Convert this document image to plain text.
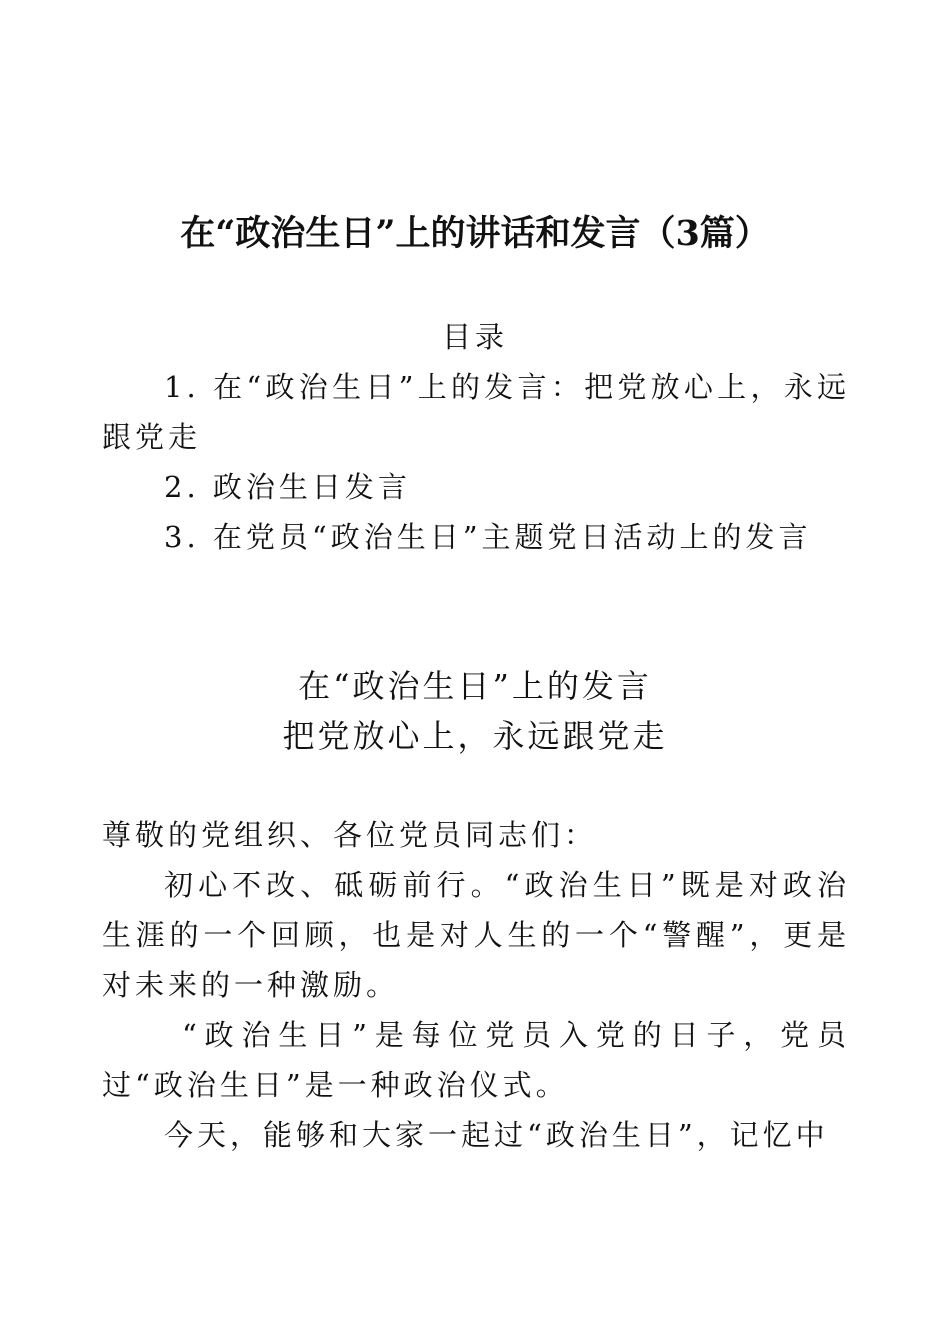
在“政治生日”上的讲话和发言（3篇）
目录
1. 在“政治生日”上的发言：把党放心上，永远跟党走
2. 政治生日发言
3. 在党员“政治生日”主题党日活动上的发言
在“政治生日”上的发言
把党放心上，永远跟党走
尊敬的党组织、各位党员同志们：
初心不改、砥砺前行。“政治生日”既是对政治生涯的一个回顾，也是对人生的一个“警醒”，更是对未来的一种激励。
“政治生日”是每位党员入党的日子，党员过“政治生日”是一种政治仪式。
今天，能够和大家一起过“政治生日”，记忆中
